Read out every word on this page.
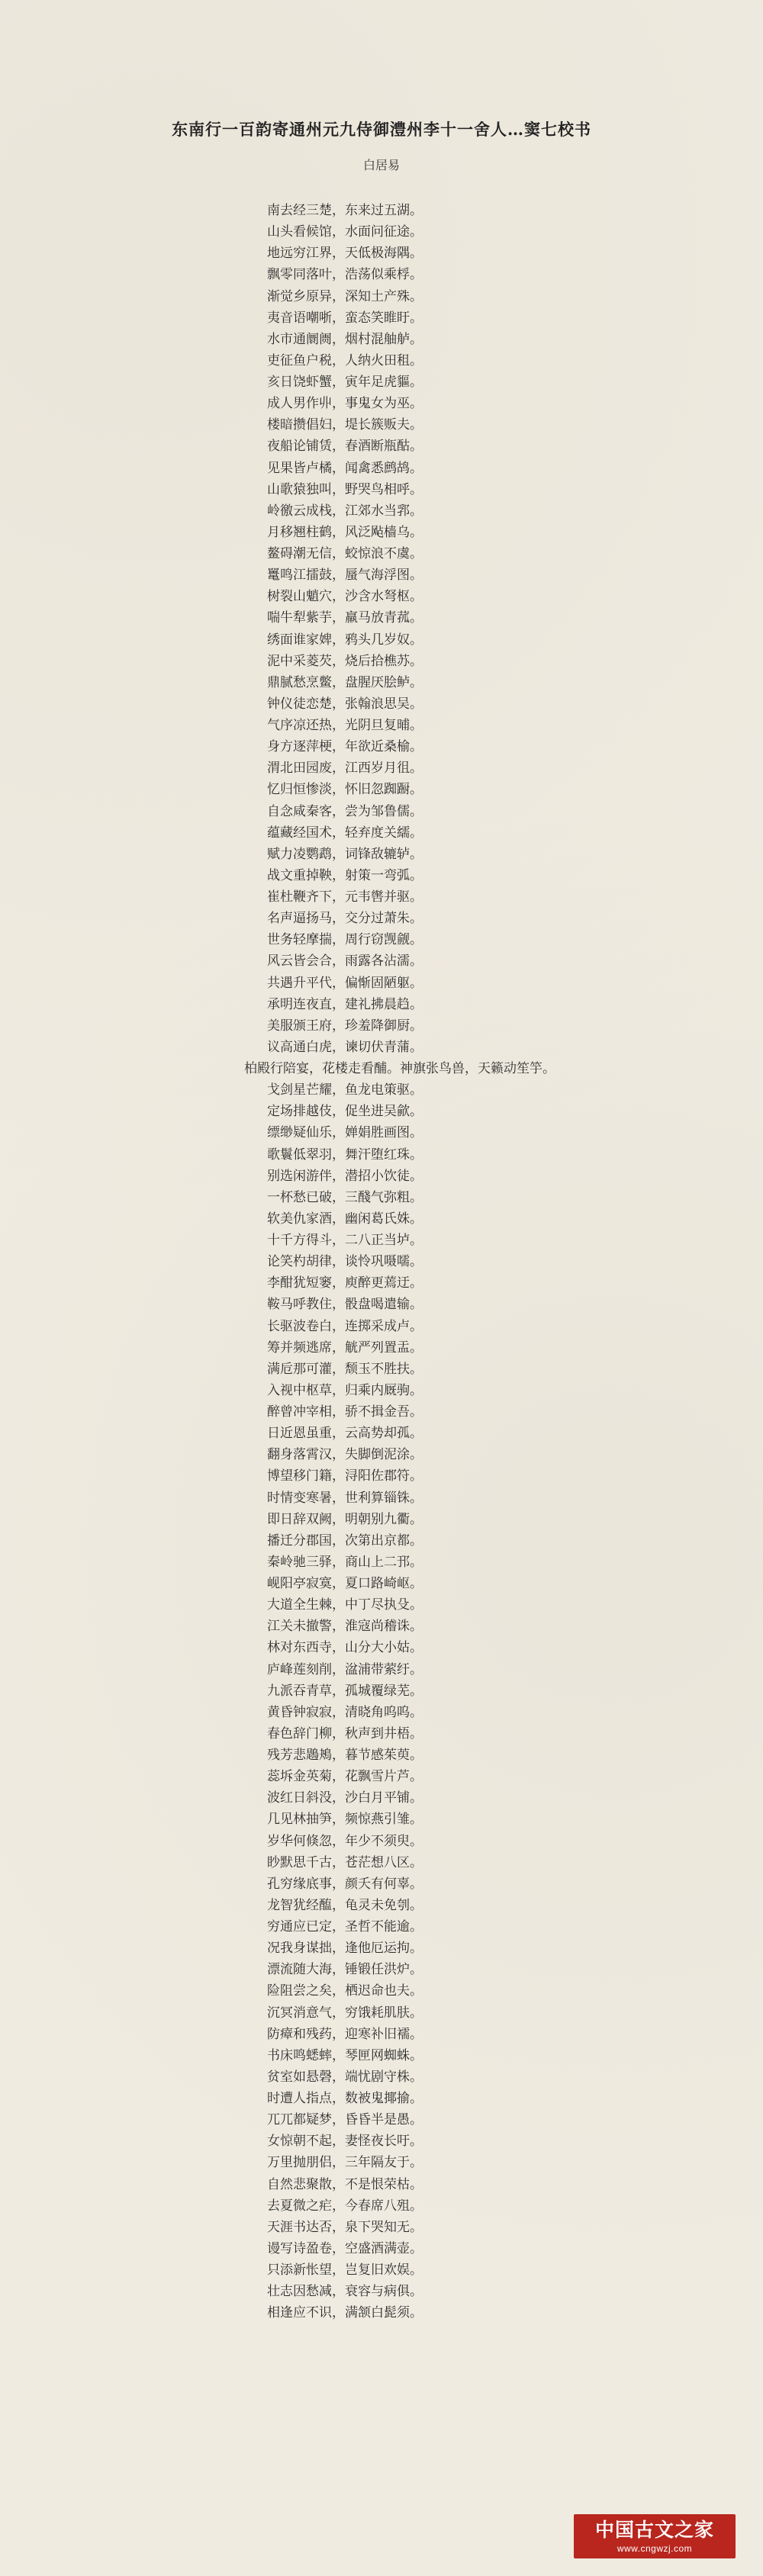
东南行一百韵寄通州元九侍御澧州李十一舍人…窦七校书
白居易
南去经三楚，东来过五湖。
山头看候馆，水面问征途。
地远穷江界，天低极海隅。
飘零同落叶，浩荡似乘桴。
渐觉乡原异，深知土产殊。
夷音语嘲哳，蛮态笑睢盱。
水市通阛阓，烟村混舳舻。
吏征鱼户税，人纳火田租。
亥日饶虾蟹，寅年足虎貙。
成人男作丱，事鬼女为巫。
楼暗攒倡妇，堤长簇贩夫。
夜船论铺赁，春酒断瓶酤。
见果皆卢橘，闻禽悉鹧鸪。
山歌猿独叫，野哭鸟相呼。
岭徼云成栈，江郊水当郛。
月移翘柱鹤，风泛飐樯乌。
鳌碍潮无信，蛟惊浪不虞。
鼍鸣江擂鼓，蜃气海浮图。
树裂山魈穴，沙含水弩枢。
喘牛犁紫芋，羸马放青菰。
绣面谁家婢，鸦头几岁奴。
泥中采菱芡，烧后拾樵苏。
鼎腻愁烹鳖，盘腥厌脍鲈。
钟仪徒恋楚，张翰浪思吴。
气序凉还热，光阴旦复晡。
身方逐萍梗，年欲近桑榆。
渭北田园废，江西岁月徂。
忆归恒惨淡，怀旧忽踟蹰。
自念咸秦客，尝为邹鲁儒。
蕴藏经国术，轻弃度关繻。
赋力凌鹦鹉，词锋敌辘轳。
战文重掉鞅，射策一弯弧。
崔杜鞭齐下，元韦辔并驱。
名声逼扬马，交分过萧朱。
世务轻摩揣，周行窃觊觎。
风云皆会合，雨露各沾濡。
共遇升平代，偏惭固陋躯。
承明连夜直，建礼拂晨趋。
美服颁王府，珍羞降御厨。
议高通白虎，谏切伏青蒲。
柏殿行陪宴，花楼走看酺。神旗张鸟兽，天籁动笙竽。
戈剑星芒耀，鱼龙电策驱。
定场排越伎，促坐进吴歈。
缥缈疑仙乐，婵娟胜画图。
歌鬟低翠羽，舞汗堕红珠。
别选闲游伴，潜招小饮徒。
一杯愁已破，三醆气弥粗。
软美仇家酒，幽闲葛氏姝。
十千方得斗，二八正当垆。
论笑杓胡律，谈怜巩嗫嚅。
李酣犹短窭，庾醉更蔫迂。
鞍马呼教住，骰盘喝遣输。
长驱波卷白，连掷采成卢。
筹并频逃席，觥严列置盂。
满卮那可灌，颓玉不胜扶。
入视中枢草，归乘内厩驹。
醉曾冲宰相，骄不揖金吾。
日近恩虽重，云高势却孤。
翻身落霄汉，失脚倒泥涂。
博望移门籍，浔阳佐郡符。
时情变寒暑，世利算锱铢。
即日辞双阙，明朝别九衢。
播迁分郡国，次第出京都。
秦岭驰三驿，商山上二邘。
岘阳亭寂寞，夏口路崎岖。
大道全生棘，中丁尽执殳。
江关未撤警，淮寇尚稽诛。
林对东西寺，山分大小姑。
庐峰莲刻削，湓浦带萦纡。
九派吞青草，孤城覆绿芜。
黄昏钟寂寂，清晓角呜呜。
春色辞门柳，秋声到井梧。
残芳悲鶗鴂，暮节感茱萸。
蕊坼金英菊，花飘雪片芦。
波红日斜没，沙白月平铺。
几见林抽笋，频惊燕引雏。
岁华何倏忽，年少不须臾。
眇默思千古，苍茫想八区。
孔穷缘底事，颜夭有何辜。
龙智犹经醢，龟灵未免刳。
穷通应已定，圣哲不能逾。
况我身谋拙，逢他厄运拘。
漂流随大海，锤锻任洪炉。
险阻尝之矣，栖迟命也夫。
沉冥消意气，穷饿耗肌肤。
防瘴和残药，迎寒补旧襦。
书床鸣蟋蟀，琴匣网蜘蛛。
贫室如悬磬，端忧剧守株。
时遭人指点，数被鬼揶揄。
兀兀都疑梦，昏昏半是愚。
女惊朝不起，妻怪夜长吁。
万里抛朋侣，三年隔友于。
自然悲聚散，不是恨荣枯。
去夏微之疟，今春席八殂。
天涯书达否，泉下哭知无。
谩写诗盈卷，空盛酒满壶。
只添新怅望，岂复旧欢娱。
壮志因愁减，衰容与病俱。
相逢应不识，满颔白髭须。
中国古文之家
www.cngwzj.com
